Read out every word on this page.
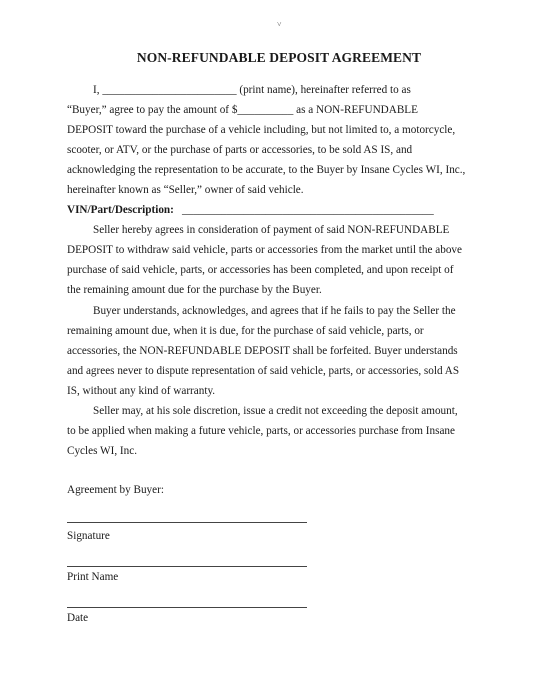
˅
NON-REFUNDABLE DEPOSIT AGREEMENT
I, ________________________ (print name), hereinafter referred to as
“Buyer,” agree to pay the amount of $__________ as a NON-REFUNDABLE
DEPOSIT toward the purchase of a vehicle including, but not limited to, a motorcycle,
scooter, or ATV, or the purchase of parts or accessories, to be sold AS IS, and
acknowledging the representation to be accurate, to the Buyer by Insane Cycles WI, Inc.,
hereinafter known as “Seller,” owner of said vehicle.
VIN/Part/Description: _____________________________________________
Seller hereby agrees in consideration of payment of said NON-REFUNDABLE
DEPOSIT to withdraw said vehicle, parts or accessories from the market until the above
purchase of said vehicle, parts, or accessories has been completed, and upon receipt of
the remaining amount due for the purchase by the Buyer.
Buyer understands, acknowledges, and agrees that if he fails to pay the Seller the
remaining amount due, when it is due, for the purchase of said vehicle, parts, or
accessories, the NON-REFUNDABLE DEPOSIT shall be forfeited. Buyer understands
and agrees never to dispute representation of said vehicle, parts, or accessories, sold AS
IS, without any kind of warranty.
Seller may, at his sole discretion, issue a credit not exceeding the deposit amount,
to be applied when making a future vehicle, parts, or accessories purchase from Insane
Cycles WI, Inc.
Agreement by Buyer:
Signature
Print Name
Date
